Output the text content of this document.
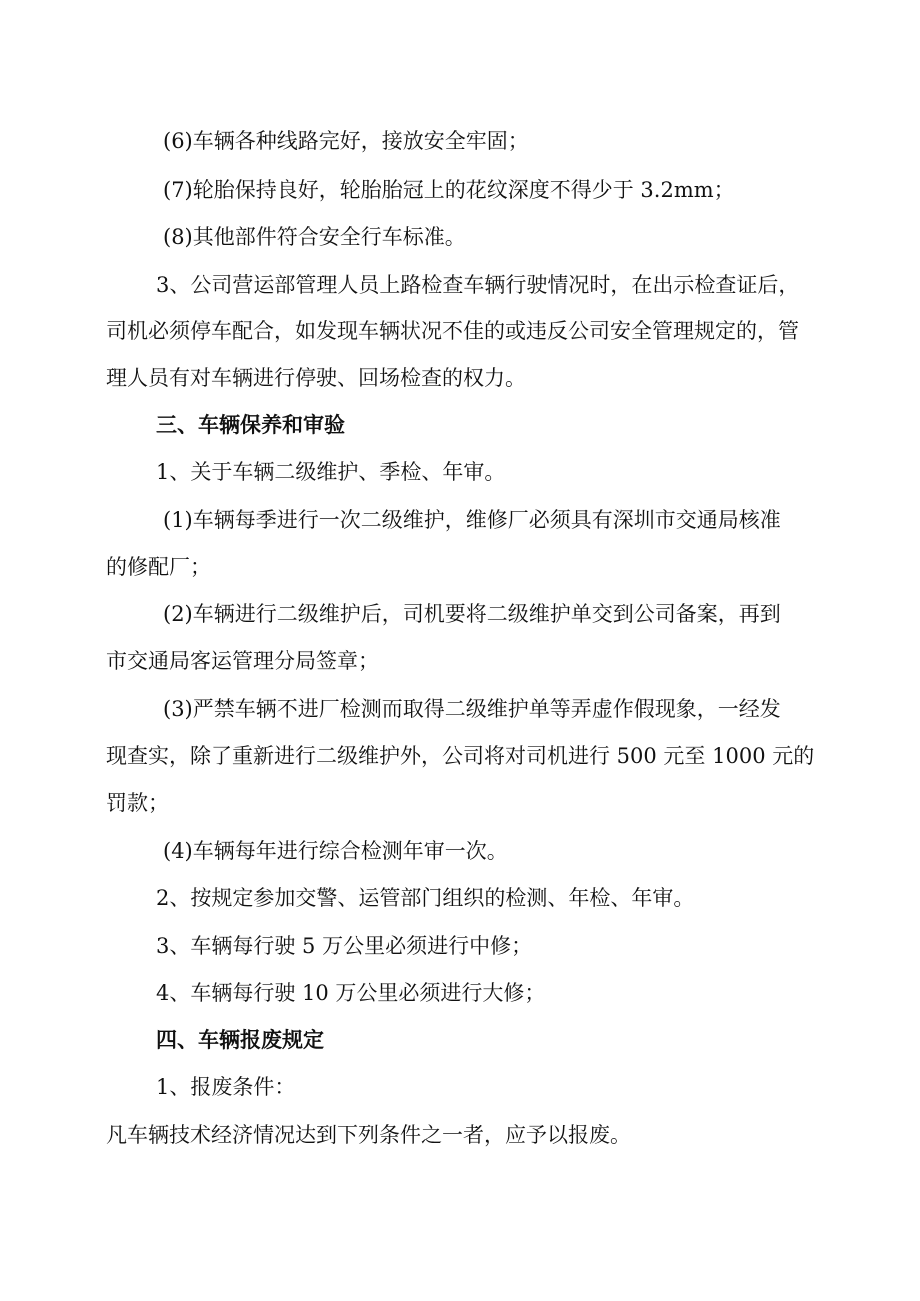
(6)车辆各种线路完好，接放安全牢固；
(7)轮胎保持良好，轮胎胎冠上的花纹深度不得少于 3.2mm；
(8)其他部件符合安全行车标准。
3、公司营运部管理人员上路检查车辆行驶情况时，在出示检查证后，
司机必须停车配合，如发现车辆状况不佳的或违反公司安全管理规定的，管
理人员有对车辆进行停驶、回场检查的权力。
三、车辆保养和审验
1、关于车辆二级维护、季检、年审。
(1)车辆每季进行一次二级维护，维修厂必须具有深圳市交通局核准
的修配厂；
(2)车辆进行二级维护后，司机要将二级维护单交到公司备案，再到
市交通局客运管理分局签章；
(3)严禁车辆不进厂检测而取得二级维护单等弄虚作假现象，一经发
现查实，除了重新进行二级维护外，公司将对司机进行 500 元至 1000 元的
罚款；
(4)车辆每年进行综合检测年审一次。
2、按规定参加交警、运管部门组织的检测、年检、年审。
3、车辆每行驶 5 万公里必须进行中修；
4、车辆每行驶 10 万公里必须进行大修；
四、车辆报废规定
1、报废条件：
凡车辆技术经济情况达到下列条件之一者，应予以报废。
